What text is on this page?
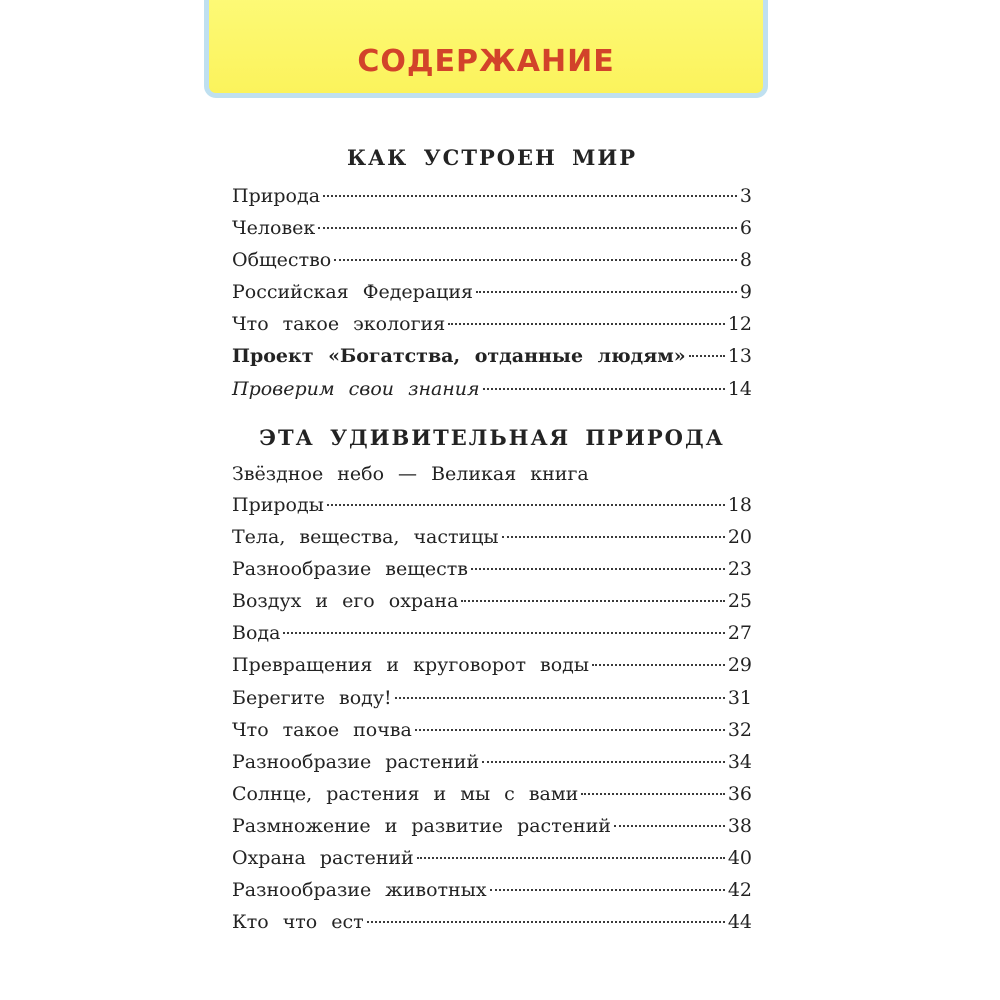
СОДЕРЖАНИЕ
КАК УСТРОЕН МИР
Природа	3
Человек	6
Общество	8
Российская Федерация	9
Что такое экология	12
Проект «Богатства, отданные людям» 13
Проверим свои знания	14
ЭТА УДИВИТЕЛЬНАЯ ПРИРОДА
Звёздное небо — Великая книга
Природы	18
Тела, вещества, частицы	20
Разнообразие веществ	23
Воздух и его охрана	25
Вода	27
Превращения и круговорот воды	29
Берегите воду!	31
Что такое почва	32
Разнообразие растений	34
Солнце, растения и мы с вами	36
Размножение и развитие растений	38
Охрана растений	40
Разнообразие животных	42
Кто что ест	44
